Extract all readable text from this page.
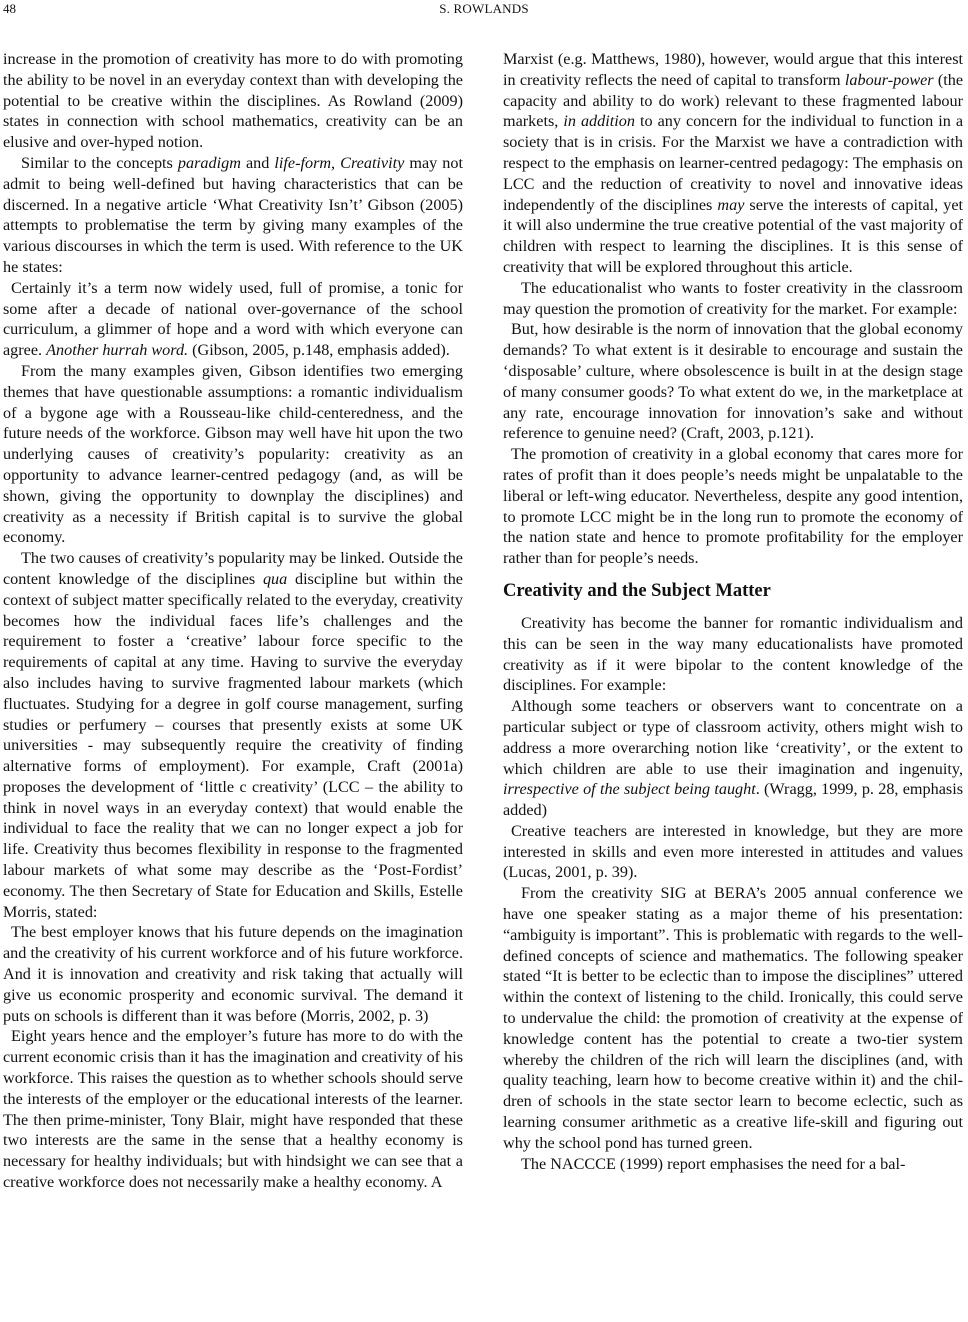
48	S. ROWLANDS

increase in the promotion of creativity has more to do with promoting the ability to be novel in an everyday context than with developing the potential to be creative within the disciplines. As Rowland (2009) states in connection with school mathematics, creativity can be an elusive and over-hyped notion.

Similar to the concepts paradigm and life-form, Creativity may not admit to being well-defined but having characteristics that can be discerned. In a negative article ‘What Creativity Isn’t’ Gibson (2005) attempts to problematise the term by giving many examples of the various discourses in which the term is used. With reference to the UK he states:

Certainly it’s a term now widely used, full of promise, a tonic for some after a decade of national over-governance of the school curriculum, a glimmer of hope and a word with which everyone can agree. Another hurrah word. (Gibson, 2005, p.148, emphasis added).

From the many examples given, Gibson identifies two emerging themes that have questionable assumptions: a romantic individualism of a bygone age with a Rousseau-like child-centeredness, and the future needs of the workforce. Gibson may well have hit upon the two underlying causes of creativity’s popularity: creativity as an opportunity to advance learner-centred pedagogy (and, as will be shown, giving the opportunity to downplay the disciplines) and creativity as a necessity if British capital is to survive the global economy.

The two causes of creativity’s popularity may be linked. Outside the content knowledge of the disciplines qua discipline but within the context of subject matter specifically related to the everyday, creativity becomes how the individual faces life’s challenges and the requirement to foster a ‘creative’ labour force specific to the requirements of capital at any time. Having to survive the everyday also includes having to survive fragmented labour markets (which fluctuates. Studying for a degree in golf course management, surfing studies or perfumery – courses that presently exists at some UK universities - may subsequently require the creativity of finding alternative forms of employment). For example, Craft (2001a) proposes the development of ‘little c creativity’ (LCC – the ability to think in novel ways in an everyday context) that would enable the individual to face the reality that we can no longer expect a job for life. Creativity thus becomes flexibility in response to the fragmented labour markets of what some may describe as the ‘Post-Fordist’ economy. The then Secretary of State for Education and Skills, Estelle Morris, stated:

The best employer knows that his future depends on the imagination and the creativity of his current workforce and of his future workforce. And it is innovation and creativity and risk taking that actually will give us economic prosperity and economic survival. The demand it puts on schools is different than it was before (Morris, 2002, p. 3)

Eight years hence and the employer’s future has more to do with the current economic crisis than it has the imagination and creativity of his workforce. This raises the question as to whether schools should serve the interests of the employer or the educational interests of the learner. The then prime-minister, Tony Blair, might have responded that these two interests are the same in the sense that a healthy economy is necessary for healthy individuals; but with hindsight we can see that a creative workforce does not necessarily make a healthy economy. A

Marxist (e.g. Matthews, 1980), however, would argue that this interest in creativity reflects the need of capital to transform labour-power (the capacity and ability to do work) relevant to these fragmented labour markets, in addition to any concern for the individual to function in a society that is in crisis. For the Marxist we have a contradiction with respect to the emphasis on learner-centred pedagogy: The emphasis on LCC and the reduction of creativity to novel and innovative ideas independently of the disciplines may serve the interests of capital, yet it will also undermine the true creative potential of the vast majority of children with respect to learning the disciplines. It is this sense of creativity that will be explored throughout this article.

The educationalist who wants to foster creativity in the classroom may question the promotion of creativity for the market. For example:

But, how desirable is the norm of innovation that the global economy demands? To what extent is it desirable to encourage and sustain the ‘disposable’ culture, where obsolescence is built in at the design stage of many consumer goods? To what extent do we, in the marketplace at any rate, encourage innovation for innovation’s sake and without reference to genuine need? (Craft, 2003, p.121).

The promotion of creativity in a global economy that cares more for rates of profit than it does people’s needs might be unpalatable to the liberal or left-wing educator. Nevertheless, despite any good intention, to promote LCC might be in the long run to promote the economy of the nation state and hence to promote profitability for the employer rather than for people’s needs.

Creativity and the Subject Matter

Creativity has become the banner for romantic individualism and this can be seen in the way many educationalists have promoted creativity as if it were bipolar to the content knowledge of the disciplines. For example:

Although some teachers or observers want to concentrate on a particular subject or type of classroom activity, others might wish to address a more overarching notion like ‘creativity’, or the extent to which children are able to use their imagination and ingenuity, irrespective of the subject being taught. (Wragg, 1999, p. 28, emphasis added)

Creative teachers are interested in knowledge, but they are more interested in skills and even more interested in attitudes and values (Lucas, 2001, p. 39).

From the creativity SIG at BERA’s 2005 annual conference we have one speaker stating as a major theme of his presentation: “ambiguity is important”. This is problematic with regards to the well-defined concepts of science and mathematics. The following speaker stated “It is better to be eclectic than to impose the disciplines” uttered within the context of listening to the child. Ironically, this could serve to undervalue the child: the promotion of creativity at the expense of knowledge content has the potential to create a two-tier system whereby the children of the rich will learn the disciplines (and, with quality teaching, learn how to become creative within it) and the children of schools in the state sector learn to become eclectic, such as learning consumer arithmetic as a creative life-skill and figuring out why the school pond has turned green.

The NACCCE (1999) report emphasises the need for a bal-
